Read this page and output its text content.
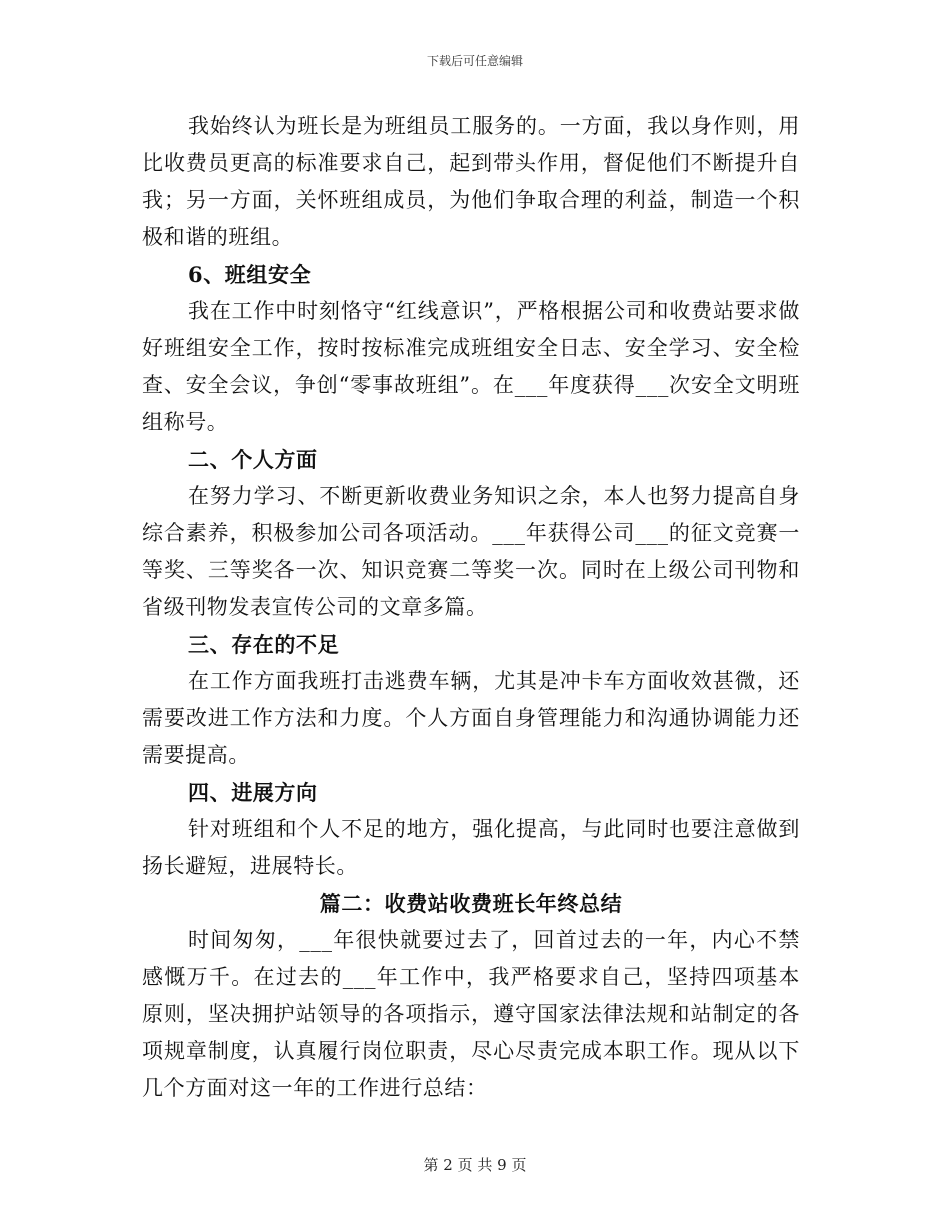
下载后可任意编辑

我始终认为班长是为班组员工服务的。一方面，我以身作则，用比收费员更高的标准要求自己，起到带头作用，督促他们不断提升自我；另一方面，关怀班组成员，为他们争取合理的利益，制造一个积极和谐的班组。

6、班组安全

我在工作中时刻恪守“红线意识”，严格根据公司和收费站要求做好班组安全工作，按时按标准完成班组安全日志、安全学习、安全检查、安全会议，争创“零事故班组”。在___年度获得___次安全文明班组称号。

二、个人方面

在努力学习、不断更新收费业务知识之余，本人也努力提高自身综合素养，积极参加公司各项活动。___年获得公司___的征文竞赛一等奖、三等奖各一次、知识竞赛二等奖一次。同时在上级公司刊物和省级刊物发表宣传公司的文章多篇。

三、存在的不足

在工作方面我班打击逃费车辆，尤其是冲卡车方面收效甚微，还需要改进工作方法和力度。个人方面自身管理能力和沟通协调能力还需要提高。

四、进展方向

针对班组和个人不足的地方，强化提高，与此同时也要注意做到扬长避短，进展特长。

篇二：收费站收费班长年终总结

时间匆匆，___年很快就要过去了，回首过去的一年，内心不禁感慨万千。在过去的___年工作中，我严格要求自己，坚持四项基本原则，坚决拥护站领导的各项指示，遵守国家法律法规和站制定的各项规章制度，认真履行岗位职责，尽心尽责完成本职工作。现从以下几个方面对这一年的工作进行总结：

第 2 页 共 9 页
